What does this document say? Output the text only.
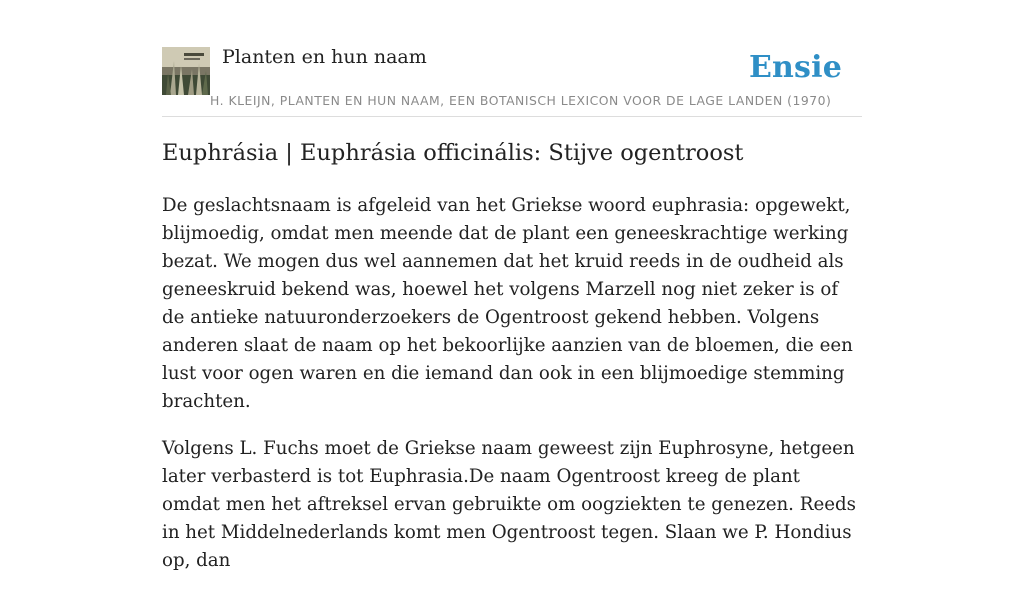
Planten en hun naam	Ensie
H. KLEIJN, PLANTEN EN HUN NAAM, EEN BOTANISCH LEXICON VOOR DE LAGE LANDEN (1970)
Euphrásia | Euphrásia officinális: Stijve ogentroost

De geslachtsnaam is afgeleid van het Griekse woord euphrasia: opgewekt, blijmoedig, omdat men meende dat de plant een geneeskrachtige werking bezat. We mogen dus wel aannemen dat het kruid reeds in de oudheid als geneeskruid bekend was, hoewel het volgens Marzell nog niet zeker is of de antieke natuuronderzoekers de Ogentroost gekend hebben. Volgens anderen slaat de naam op het bekoorlijke aanzien van de bloemen, die een lust voor ogen waren en die iemand dan ook in een blijmoedige stemming brachten.

Volgens L. Fuchs moet de Griekse naam geweest zijn Euphrosyne, hetgeen later verbasterd is tot Euphrasia.De naam Ogentroost kreeg de plant omdat men het aftreksel ervan gebruikte om oogziekten te genezen. Reeds in het Middelnederlands komt men Ogentroost tegen. Slaan we P. Hondius op, dan
